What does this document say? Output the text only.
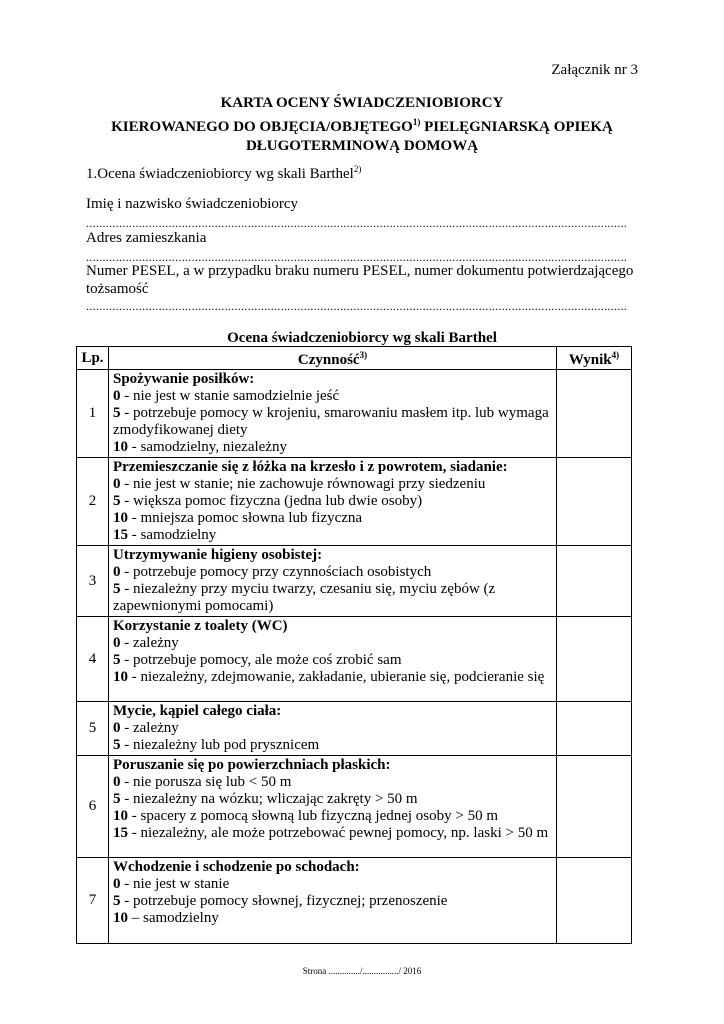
Załącznik nr 3
KARTA OCENY ŚWIADCZENIOBIORCY
KIEROWANEGO DO OBJĘCIA/OBJĘTEGO$^{1)}$ PIELĘGNIARSKĄ OPIEKĄ
DŁUGOTERMINOWĄ DOMOWĄ
1.Ocena świadczeniobiorcy wg skali Barthel$^{2)}$
Imię i nazwisko świadczeniobiorcy
....................................................................................................................................................................
Adres zamieszkania
....................................................................................................................................................................
Numer PESEL, a w przypadku braku numeru PESEL, numer dokumentu potwierdzającego
tożsamość
....................................................................................................................................................................
Ocena świadczeniobiorcy wg skali Barthel
Lp.	Czynność$^{3)}$	Wynik$^{4)}$
1	Spożywanie posiłków:
0 - nie jest w stanie samodzielnie jeść
5 - potrzebuje pomocy w krojeniu, smarowaniu masłem itp. lub wymaga zmodyfikowanej diety
10 - samodzielny, niezależny	

2	Przemieszczanie się z łóżka na krzesło i z powrotem, siadanie:
0 - nie jest w stanie; nie zachowuje równowagi przy siedzeniu
5 - większa pomoc fizyczna (jedna lub dwie osoby)
10 - mniejsza pomoc słowna lub fizyczna
15 - samodzielny	

3	Utrzymywanie higieny osobistej:
0 - potrzebuje pomocy przy czynnościach osobistych
5 - niezależny przy myciu twarzy, czesaniu się, myciu zębów (z zapewnionymi pomocami)	

4	Korzystanie z toalety (WC)
0 - zależny
5 - potrzebuje pomocy, ale może coś zrobić sam
10 - niezależny, zdejmowanie, zakładanie, ubieranie się, podcieranie się	

5	Mycie, kąpiel całego ciała:
0 - zależny
5 - niezależny lub pod prysznicem	

6	Poruszanie się po powierzchniach płaskich:
0 - nie porusza się lub < 50 m
5 - niezależny na wózku; wliczając zakręty > 50 m
10 - spacery z pomocą słowną lub fizyczną jednej osoby > 50 m
15 - niezależny, ale może potrzebować pewnej pomocy, np. laski > 50 m	

7	Wchodzenie i schodzenie po schodach:
0 - nie jest w stanie
5 - potrzebuje pomocy słownej, fizycznej; przenoszenie
10 – samodzielny	

Strona ............../................/ 2016
